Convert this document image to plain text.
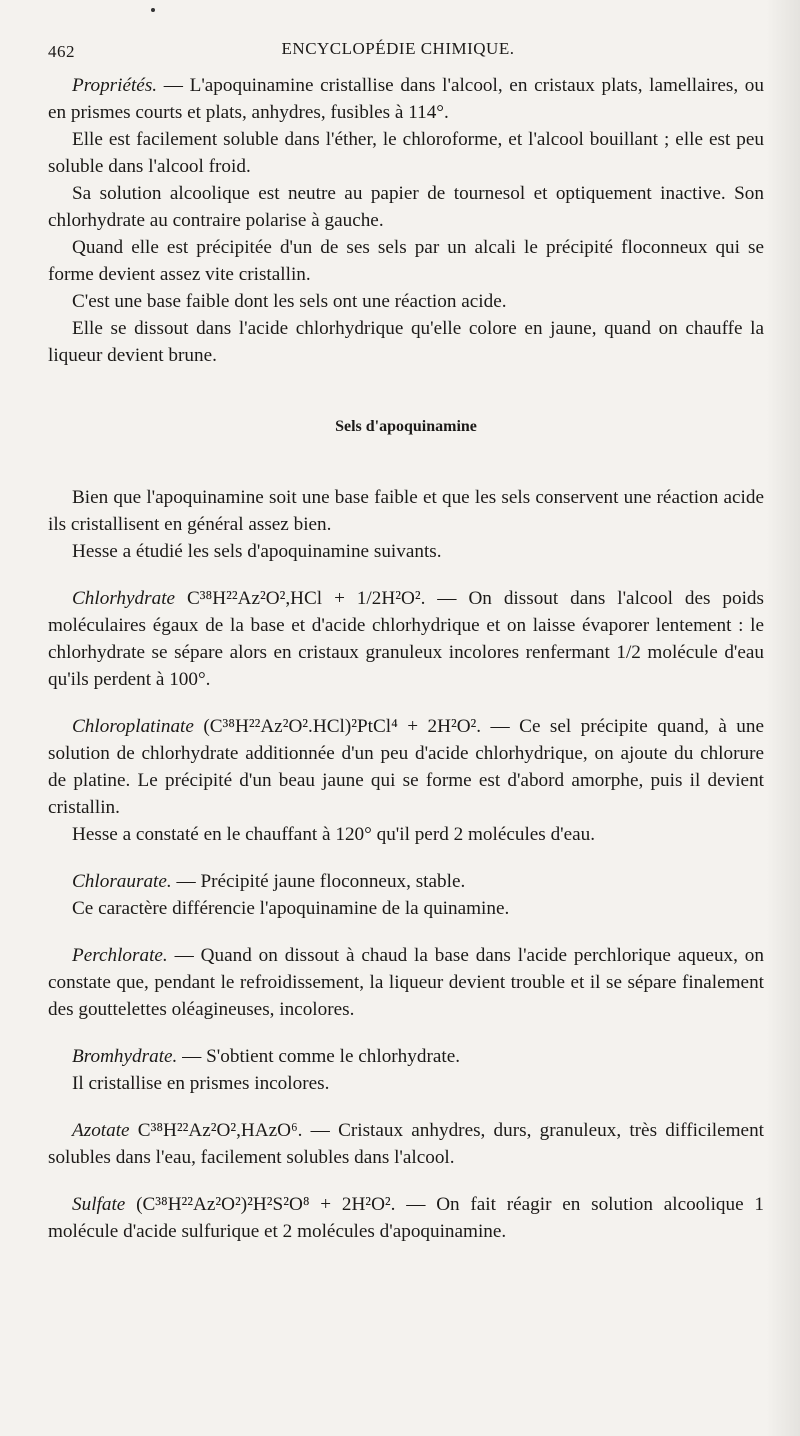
462	ENCYCLOPÉDIE CHIMIQUE.

Propriétés. — L'apoquinamine cristallise dans l'alcool, en cristaux plats, lamellaires, ou en prismes courts et plats, anhydres, fusibles à 114°.

Elle est facilement soluble dans l'éther, le chloroforme, et l'alcool bouillant ; elle est peu soluble dans l'alcool froid.

Sa solution alcoolique est neutre au papier de tournesol et optiquement inactive. Son chlorhydrate au contraire polarise à gauche.

Quand elle est précipitée d'un de ses sels par un alcali le précipité floconneux qui se forme devient assez vite cristallin.

C'est une base faible dont les sels ont une réaction acide.

Elle se dissout dans l'acide chlorhydrique qu'elle colore en jaune, quand on chauffe la liqueur devient brune.

Sels d'apoquinamine

Bien que l'apoquinamine soit une base faible et que les sels conservent une réaction acide ils cristallisent en général assez bien.

Hesse a étudié les sels d'apoquinamine suivants.

Chlorhydrate C³⁸H²²Az²O²,HCl + 1/2H²O². — On dissout dans l'alcool des poids moléculaires égaux de la base et d'acide chlorhydrique et on laisse évaporer lentement : le chlorhydrate se sépare alors en cristaux granuleux incolores renfermant 1/2 molécule d'eau qu'ils perdent à 100°.

Chloroplatinate (C³⁸H²²Az²O².HCl)²PtCl⁴ + 2H²O². — Ce sel précipite quand, à une solution de chlorhydrate additionnée d'un peu d'acide chlorhydrique, on ajoute du chlorure de platine. Le précipité d'un beau jaune qui se forme est d'abord amorphe, puis il devient cristallin.

Hesse a constaté en le chauffant à 120° qu'il perd 2 molécules d'eau.

Chloraurate. — Précipité jaune floconneux, stable.

Ce caractère différencie l'apoquinamine de la quinamine.

Perchlorate. — Quand on dissout à chaud la base dans l'acide perchlorique aqueux, on constate que, pendant le refroidissement, la liqueur devient trouble et il se sépare finalement des gouttelettes oléagineuses, incolores.

Bromhydrate. — S'obtient comme le chlorhydrate.

Il cristallise en prismes incolores.

Azotate C³⁸H²²Az²O²,HAzO⁶. — Cristaux anhydres, durs, granuleux, très difficilement solubles dans l'eau, facilement solubles dans l'alcool.

Sulfate (C³⁸H²²Az²O²)²H²S²O⁸ + 2H²O². — On fait réagir en solution alcoolique 1 molécule d'acide sulfurique et 2 molécules d'apoquinamine.
